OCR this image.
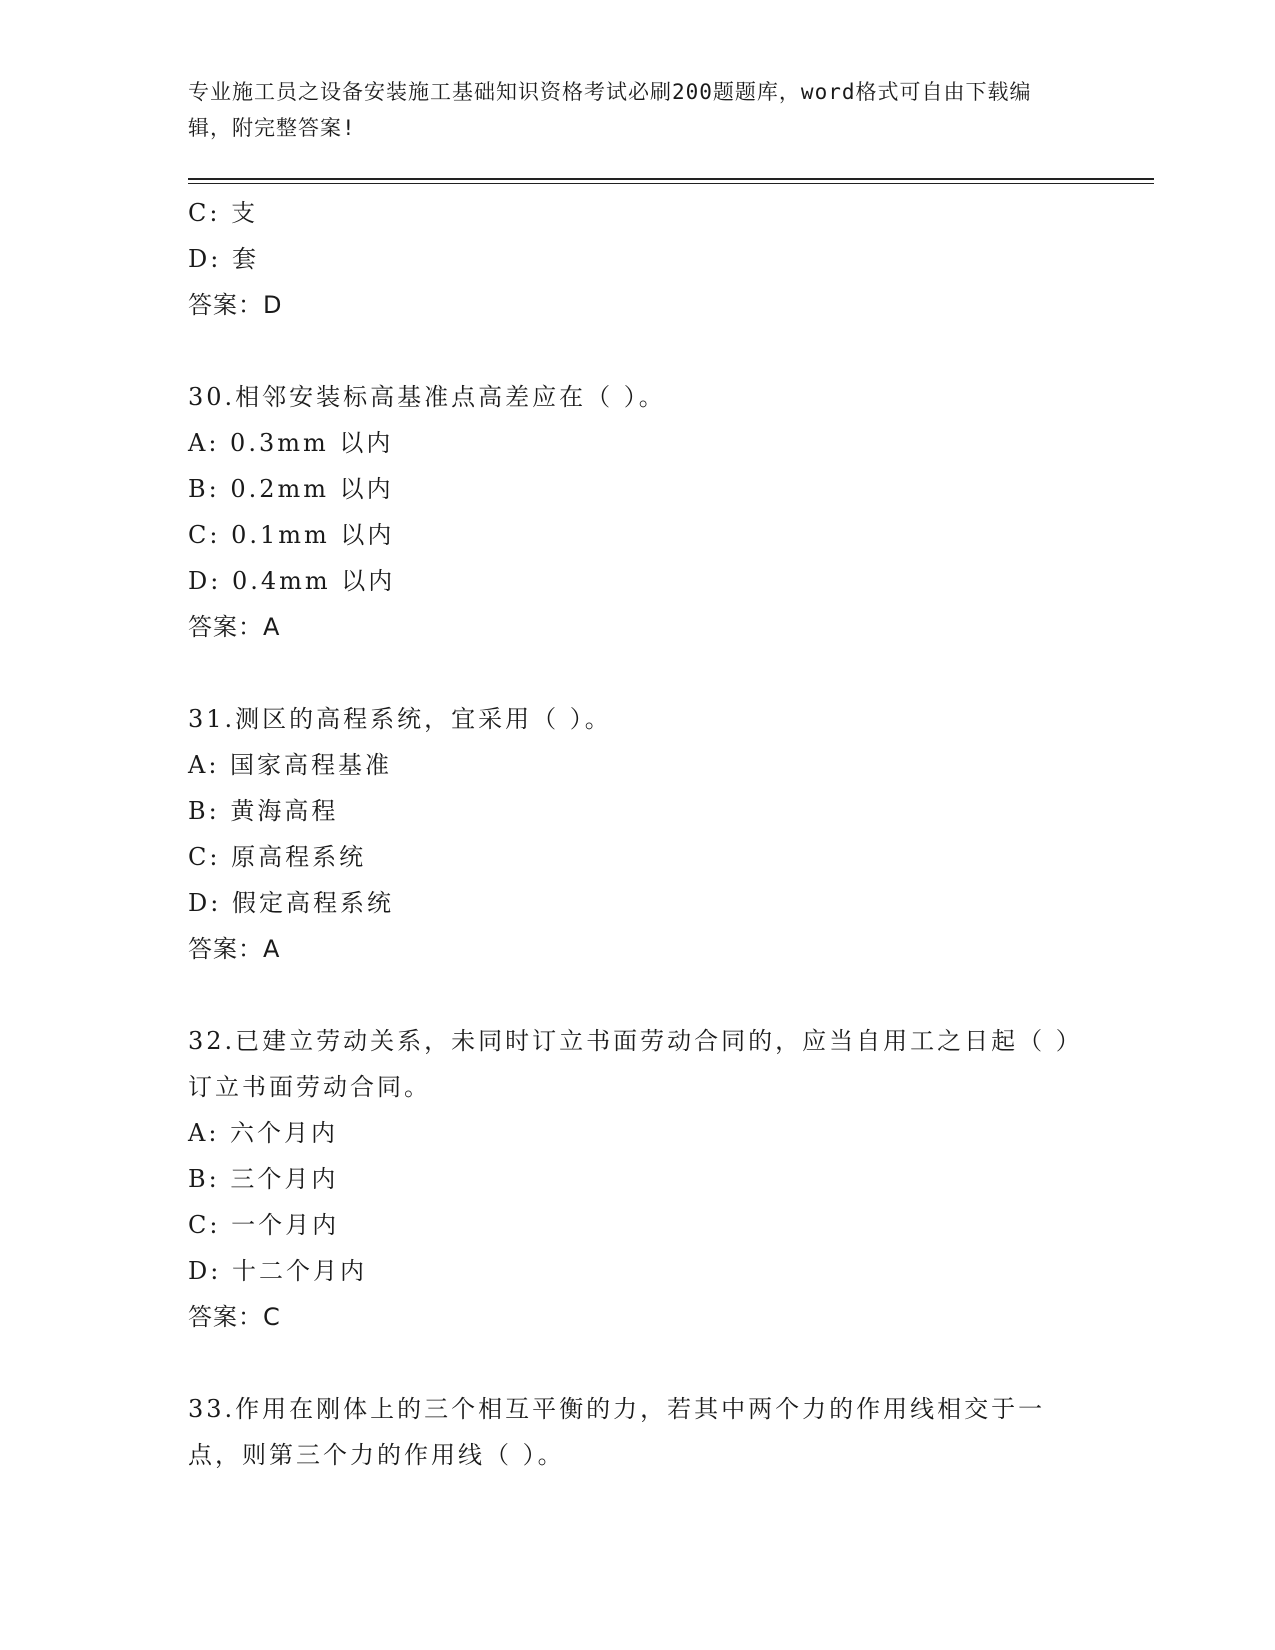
专业施工员之设备安装施工基础知识资格考试必刷200题题库，word格式可自由下载编辑，附完整答案!
C: 支
D: 套
答案：D
30.相邻安装标高基准点高差应在（ ）。
A: 0.3mm 以内
B: 0.2mm 以内
C: 0.1mm 以内
D: 0.4mm 以内
答案：A
31.测区的高程系统，宜采用（ ）。
A: 国家高程基准
B: 黄海高程
C: 原高程系统
D: 假定高程系统
答案：A
32.已建立劳动关系，未同时订立书面劳动合同的，应当自用工之日起（ ）订立书面劳动合同。
A: 六个月内
B: 三个月内
C: 一个月内
D: 十二个月内
答案：C
33.作用在刚体上的三个相互平衡的力，若其中两个力的作用线相交于一点，则第三个力的作用线（ ）。
